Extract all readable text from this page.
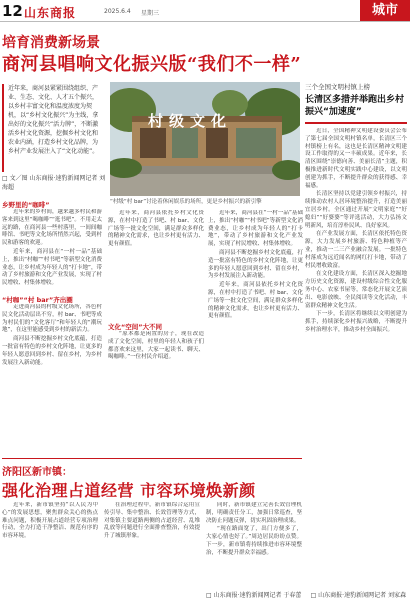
12 山东商报	2025.6.4 星期三	城市
培育消费新场景
商河县唱响文化振兴版“我们不一样”

近年来，商河县紧紧围绕组织、产业、生态、文化、人才五个振兴，以乡村丰富文化和温度浓度为契机，以“乡村文化振兴”为主线，拿出好的文化振兴“活力牌”，不断激活乡村文化资源，挖掘乡村文化和农业内涵，打造乡村文化品牌，为乡村产业发展注入了“文化动能”。

□ 文／图 山东商报·速豹新闻网记者 刘海超
村级文化
“村级“村 bar”讨论着休闲娱乐的场所，更是乡村振兴的新引擎
三个全国文明村镇上榜
长清区多措并举跑出乡村振兴“加速度”

近日，全国精神文明建设委员会公布了第七届全国文明村镇名单，长清区三个村镇榜上有名，这也是长清区精神文明建设工作取得的又一丰硕成果。近年来，长清区围绕“崇德向善、美丽长清”主题，积极推进新时代文明实践中心建设，以文明创建为抓手，不断提升群众的获得感、幸福感。

长清区坚持以党建引领乡村振兴，持续推动农村人居环境整治提升，打造美丽宜居乡村。全区通过开展“文明家庭”“好媳妇”“好婆婆”等评选活动，大力弘扬文明新风，培育淳朴民风、良好家风。

在产业发展方面，长清区依托特色资源，大力发展乡村旅游、特色种植等产业，推动一二三产业融合发展。一批特色村落成为远近闻名的网红打卡地，带动了村民增收致富。

在文化建设方面，长清区深入挖掘地方历史文化资源，建设村级综合性文化服务中心、农家书屋等，常态化开展文艺演出、电影放映、全民阅读等文化活动，丰富群众精神文化生活。

下一步，长清区将继续以文明创建为抓手，持续深化乡村振兴战略，不断提升乡村治理水平，推动乡村全面振兴。

乡野里的“咖啡”

近年来的乡村间，越来越多村民和游客来到这里“喝咖啡”“逛书吧”。不用走太远的路，在商河县一些村落里，一间间咖啡馆、书吧等文化场所悄然兴起，受到村民和游客的欢迎。

近年来，商河县在“一村一品”基础上，推出“村咖”“村书吧”等新型文化消费业态，让乡村成为年轻人的“打卡地”，带动了乡村旅游和文化产业发展，实现了村民增收、村集体增收。

“村咖”“村 bar”齐出圈

走进商河县的村级文化场所，各色村民文化活动层出不穷，村 bar、书吧等成为村民们的“文化客厅”和年轻人的“潮玩地”，在这里能感受到乡村的新活力。

商河县不断挖掘乡村文化底蕴，打造一批富有特色的乡村文化阵地，让更多的年轻人愿意回到乡村、留在乡村，为乡村发展注入新动能。

近年来，商河县依托乡村文化资源，在村中打造了书吧、村 bar、文化广场等一批文化空间，满足群众多样化的精神文化需求，也让乡村更有活力、更有颜值。

文化“空间”大不同

“原本都是闲置的房子，现在改造成了文化空间，村里的年轻人和孩子们都喜欢来这里，大家一起读书、聊天、喝咖啡。”一位村民介绍道。

近年来，商河县在“一村一品”基础上，推出“村咖”“村书吧”等新型文化消费业态，让乡村成为年轻人的“打卡地”，带动了乡村旅游和文化产业发展，实现了村民增收、村集体增收。

商河县不断挖掘乡村文化底蕴，打造一批富有特色的乡村文化阵地，让更多的年轻人愿意回到乡村、留在乡村，为乡村发展注入新动能。

近年来，商河县依托乡村文化资源，在村中打造了书吧、村 bar、文化广场等一批文化空间，满足群众多样化的精神文化需求，也让乡村更有活力、更有颜值。

济阳区新市镇：
强化治理占道经营 市容环境焕新颜

近年来，新市镇坚持“以人民为中心”的发展思想，聚焦群众关心的热点难点问题，积极开展占道经营专项治理行动，全力打造干净整洁、规范有序的市容环境。

在治理过程中，新市镇综合运用宣传引导、集中整治、长效管理等方式，对集镇主要道路两侧的占道经营、乱堆乱放等问题进行全面排查整治，有效提升了城镇形象。

同时，新市镇建立完善长效管理机制，明确责任分工，加强日常巡查，坚决防止问题反弹，切实巩固治理成果。

“现在路面宽了，出门方便多了，大家心情也好了。”周边居民纷纷点赞。下一步，新市镇将持续推进市容环境整治，不断提升群众幸福感。

□ 山东商报·速豹新闻网记者 刘家森
□ 山东商报·速豹新闻网记者 于春蕾
